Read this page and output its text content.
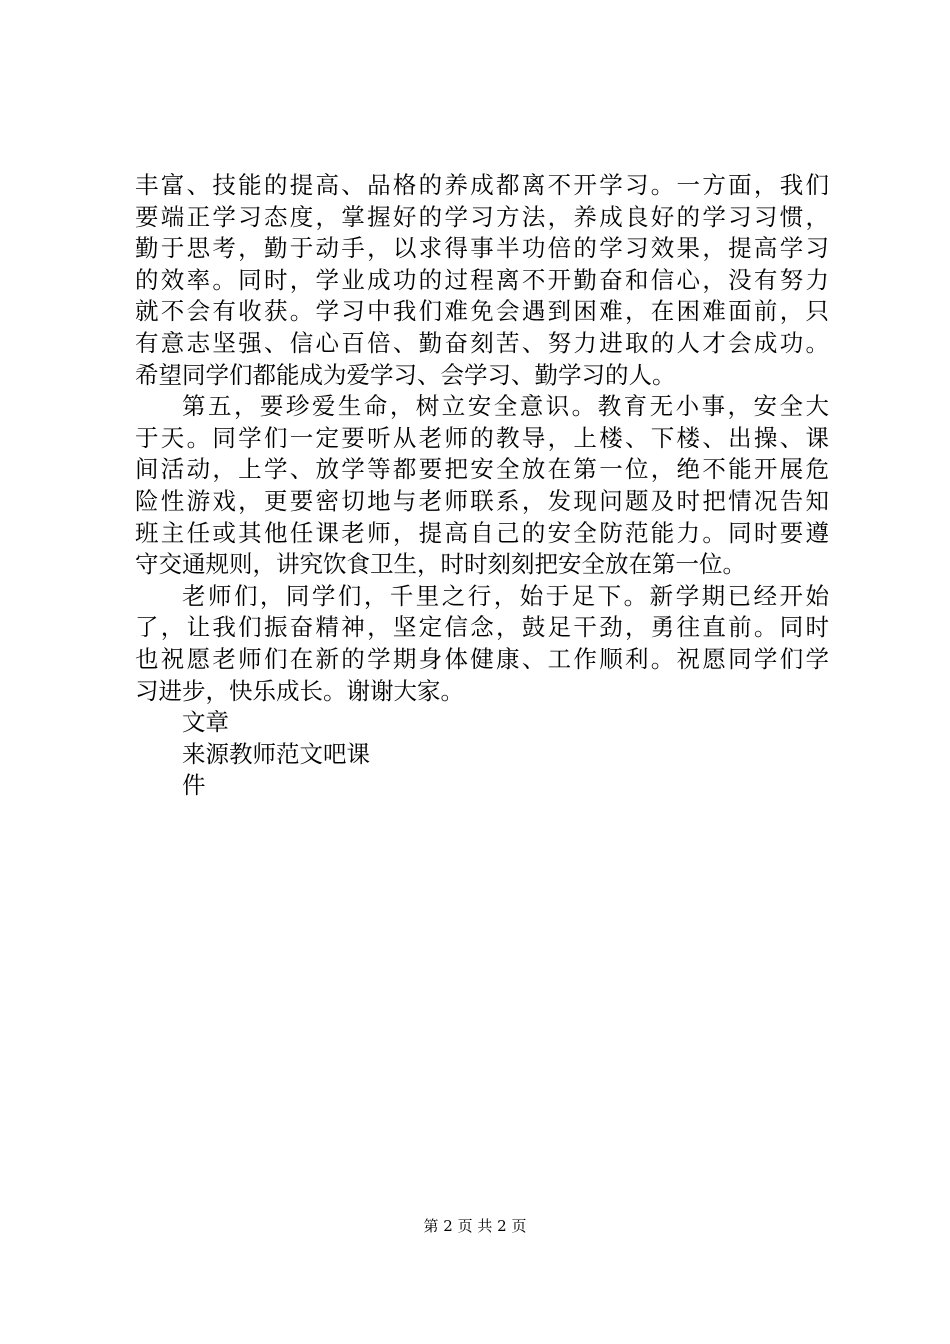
丰富、技能的提高、品格的养成都离不开学习。一方面，我们
要端正学习态度，掌握好的学习方法，养成良好的学习习惯，
勤于思考，勤于动手，以求得事半功倍的学习效果，提高学习
的效率。同时，学业成功的过程离不开勤奋和信心，没有努力
就不会有收获。学习中我们难免会遇到困难，在困难面前，只
有意志坚强、信心百倍、勤奋刻苦、努力进取的人才会成功。
希望同学们都能成为爱学习、会学习、勤学习的人。
第五，要珍爱生命，树立安全意识。教育无小事，安全大
于天。同学们一定要听从老师的教导，上楼、下楼、出操、课
间活动，上学、放学等都要把安全放在第一位，绝不能开展危
险性游戏，更要密切地与老师联系，发现问题及时把情况告知
班主任或其他任课老师，提高自己的安全防范能力。同时要遵
守交通规则，讲究饮食卫生，时时刻刻把安全放在第一位。
老师们，同学们，千里之行，始于足下。新学期已经开始
了，让我们振奋精神，坚定信念，鼓足干劲，勇往直前。同时
也祝愿老师们在新的学期身体健康、工作顺利。祝愿同学们学
习进步，快乐成长。谢谢大家。
文章
来源教师范文吧课
件
第 2 页 共 2 页
